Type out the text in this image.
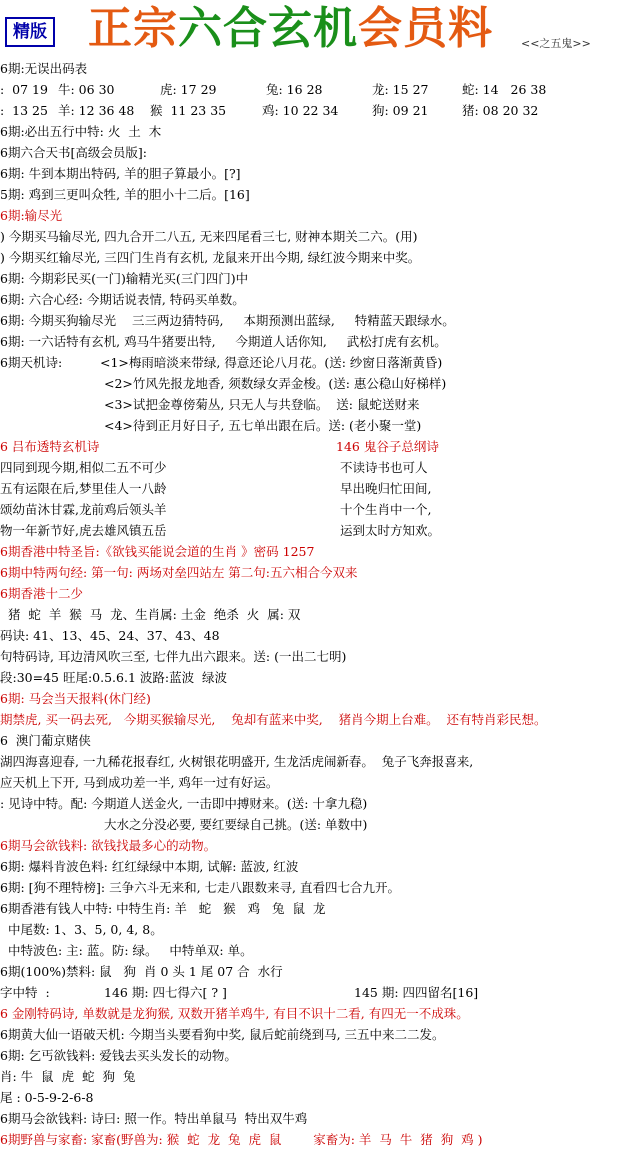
精版 正宗六合玄机会员料	<<之五鬼>>
6期:无误出码表
:  07 19 牛: 06 30	虎: 17 29	兔: 16 28	龙: 15 27	蛇: 14   26 38
:  13 25 羊: 12 36 48 猴  11 23 35	鸡: 10 22 34	狗: 09 21	猪: 08 20 32
6期:必出五行中特: 火  土  木
6期六合天书[高级会员版]:
6期: 牛到本期出特码, 羊的胆子算最小。[?]
5期: 鸡到三更叫众牲, 羊的胆小十二后。[16]
6期:输尽光
) 今期买马输尽光, 四九合开二八五, 无来四尾看三七, 财神本期关二六。(用)
) 今期买红输尽光, 三四门生肖有玄机, 龙鼠来开出今期, 绿红波今期来中奖。
6期: 今期彩民买(一门)输精光买(三门四门)中
6期: 六合心经: 今期话说表情, 特码买单数。
6期: 今期买狗输尽光    三三两边猜特码,     本期预测出蓝绿,     特精蓝天跟绿水。
6期: 一六话特有玄机, 鸡马牛猪要出特,     今期道人话你知,     武松打虎有玄机。
6期天机诗:	<1>梅雨暗淡来带绿, 得意还论八月花。(送: 纱窗日落渐黄昏)
<2>竹风先报龙地香, 须数绿女弄金梭。(送: 惠公稳山好梯样)
<3>试把金尊傍菊丛, 只无人与共登临。  送: 鼠蛇送财来
<4>待到正月好日子, 五七单出跟在后。送: (老小聚一堂)
6 吕布透特玄机诗	146 鬼谷子总纲诗
四同到现今期,相似二五不可少	不读诗书也可人
五有运限在后,梦里佳人一八龄	早出晚归忙田间,
颂幼苗沐甘霖,龙前鸡后领头羊	十个生肖中一个,
物一年新节好,虎去雄风镇五岳	运到太时方知欢。
6期香港中特圣旨:《欲钱买能说会道的生肖 》密码 1257
6期中特两句经: 第一句: 两场对垒四站左 第二句:五六相合今双来
6期香港十二少
猪  蛇  羊  猴  马  龙、生肖属: 土金  绝杀  火  属: 双
码诀: 41、13、45、24、37、43、48
句特码诗, 耳边清风吹三至, 七伴九出六跟来。送: (一出二七明)
段:30=45 旺尾:0.5.6.1 波路:蓝波  绿波
6期: 马会当天报料(休门经)
期禁虎, 买一码去死,   今期买猴输尽光,    兔却有蓝来中奖,    猪肖今期上台难。  还有特肖彩民想。
6  澳门葡京赌侠
湖四海喜迎春, 一九稀花报春红, 火树银花明盛开, 生龙活虎闹新春。  兔子飞奔报喜来,
应天机上下开, 马到成功差一半, 鸡年一过有好运。
: 见诗中特。配: 今期道人送金火, 一击即中搏财来。(送: 十拿九稳)
大水之分没必要, 要红要绿自己挑。(送: 单数中)
6期马会欲钱料: 欲钱找最多心的动物。
6期: 爆料肯波色料: 红红绿绿中本期, 试解: 蓝波, 红波
6期: [狗不理特榜]: 三争六斗无来和, 七走八跟数来寻, 直看四七合九开。
6期香港有钱人中特: 中特生肖: 羊   蛇   猴   鸡   兔  鼠  龙
中尾数: 1、3、5, 0, 4, 8。
中特波色: 主: 蓝。防: 绿。   中特单双: 单。
6期(100%)禁料: 鼠   狗  肖 0 头 1 尾 07 合  水行
字中特  :	146 期: 四七得六[ ? ]	145 期: 四四留名[16]
6 金刚特码诗, 单数就是龙狗猴, 双数开猪羊鸡牛, 有目不识十二看, 有四无一不成珠。
6期黄大仙一语破天机: 今期当头要看狗中奖, 鼠后蛇前绕到马, 三五中来二二发。
6期: 乞丐欲钱料: 爱钱去买头发长的动物。
肖: 牛  鼠  虎  蛇  狗  兔
尾 : 0-5-9-2-6-8
6期马会欲钱料: 诗曰: 照一作。特出单鼠马  特出双牛鸡
6期野兽与家畜: 家畜(野兽为: 猴  蛇  龙  兔  虎  鼠        家畜为: 羊  马  牛  猪  狗  鸡 )
